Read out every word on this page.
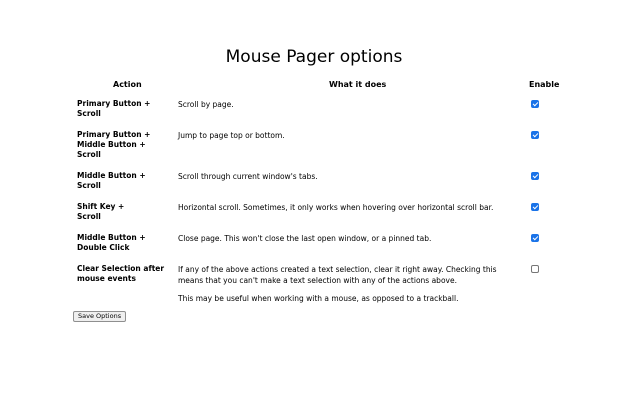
Mouse Pager options
Action	What it does	Enable
Primary Button +
Scroll

Scroll by page.

Primary Button +
Middle Button +
Scroll

Jump to page top or bottom.

Middle Button +
Scroll

Scroll through current window's tabs.

Shift Key +
Scroll

Horizontal scroll. Sometimes, it only works when hovering over horizontal scroll bar.

Middle Button +
Double Click

Close page. This won't close the last open window, or a pinned tab.

Clear Selection after mouse events

If any of the above actions created a text selection, clear it right away. Checking this means that you can't make a text selection with any of the actions above.

This may be useful when working with a mouse, as opposed to a trackball.

Save Options
